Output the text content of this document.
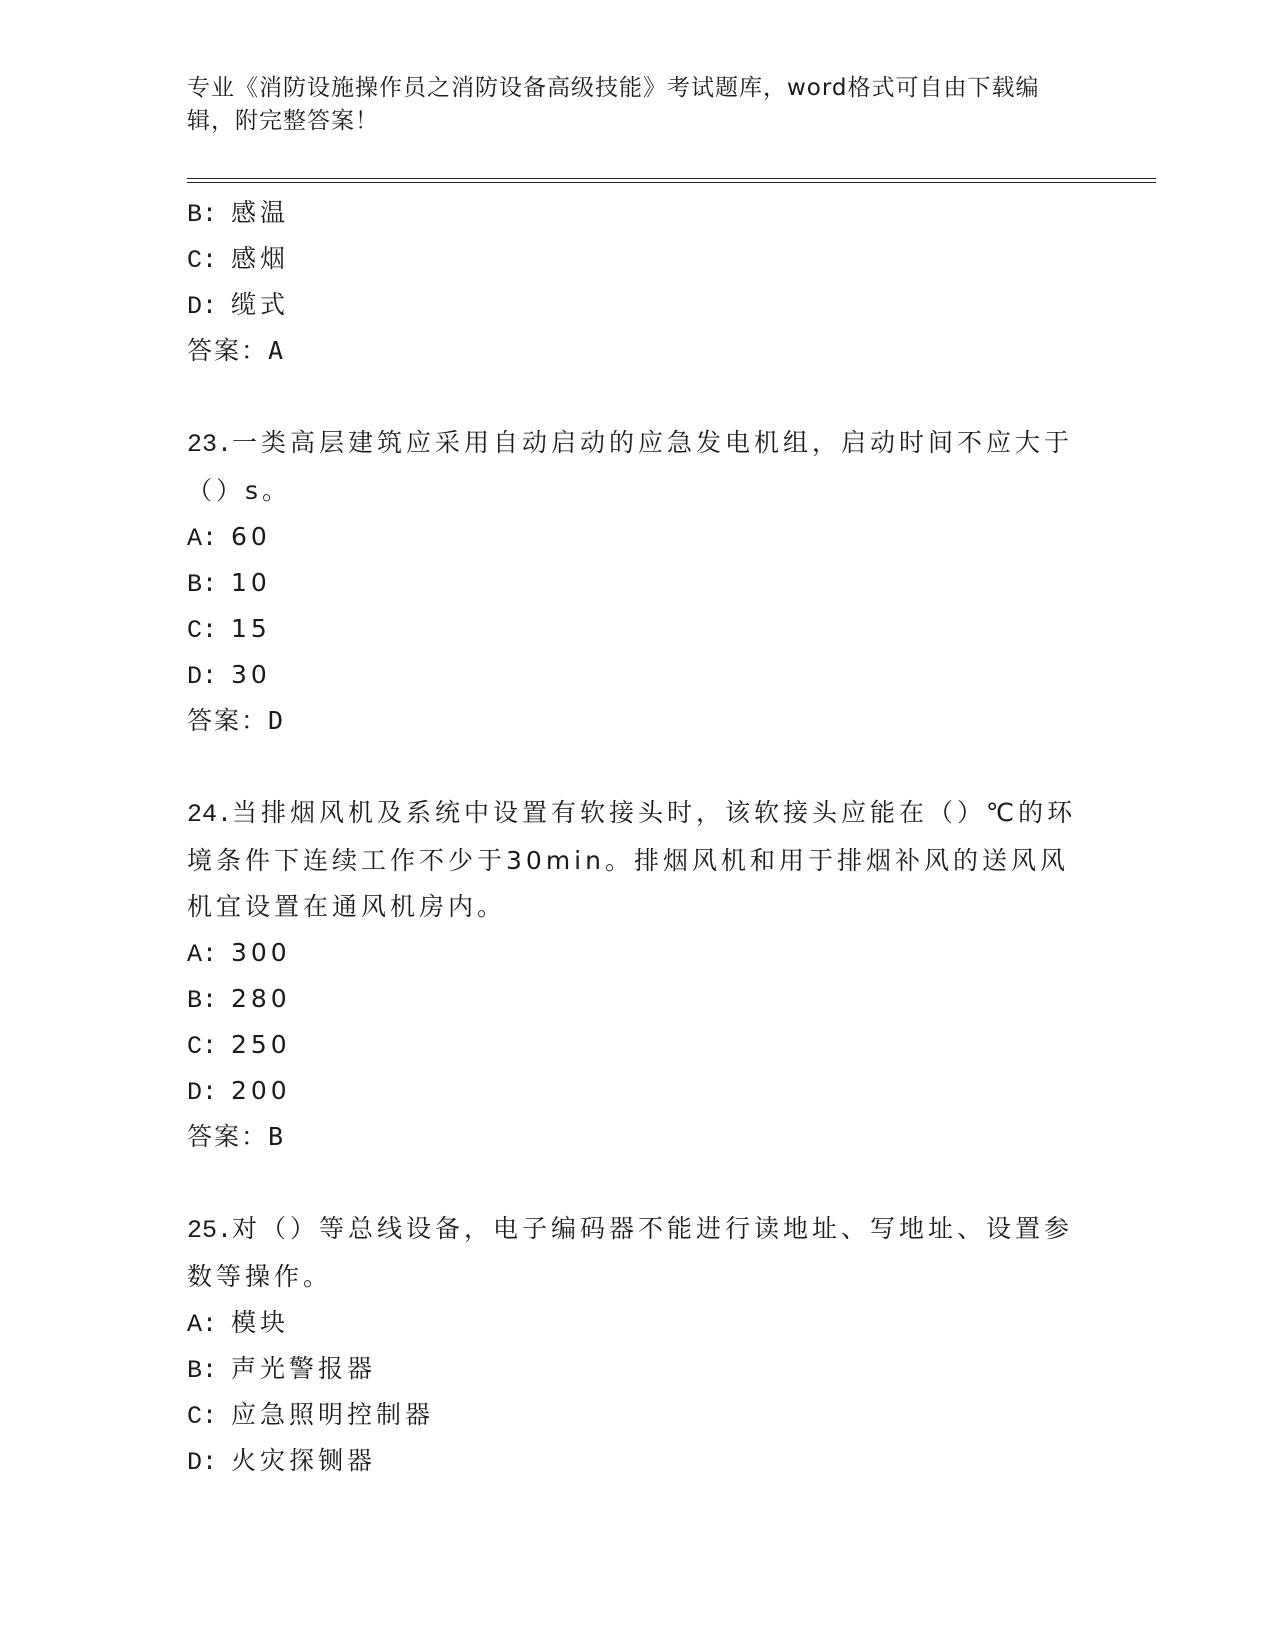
专业《消防设施操作员之消防设备高级技能》考试题库，word格式可自由下载编辑，附完整答案！
B: 感温
C: 感烟
D: 缆式
答案：A
23.一类高层建筑应采用自动启动的应急发电机组，启动时间不应大于（）s。
A: 60
B: 10
C: 15
D: 30
答案：D
24.当排烟风机及系统中设置有软接头时，该软接头应能在（）℃的环境条件下连续工作不少于30min。排烟风机和用于排烟补风的送风风机宜设置在通风机房内。
A: 300
B: 280
C: 250
D: 200
答案：B
25.对（）等总线设备，电子编码器不能进行读地址、写地址、设置参数等操作。
A: 模块
B: 声光警报器
C: 应急照明控制器
D: 火灾探铡器
